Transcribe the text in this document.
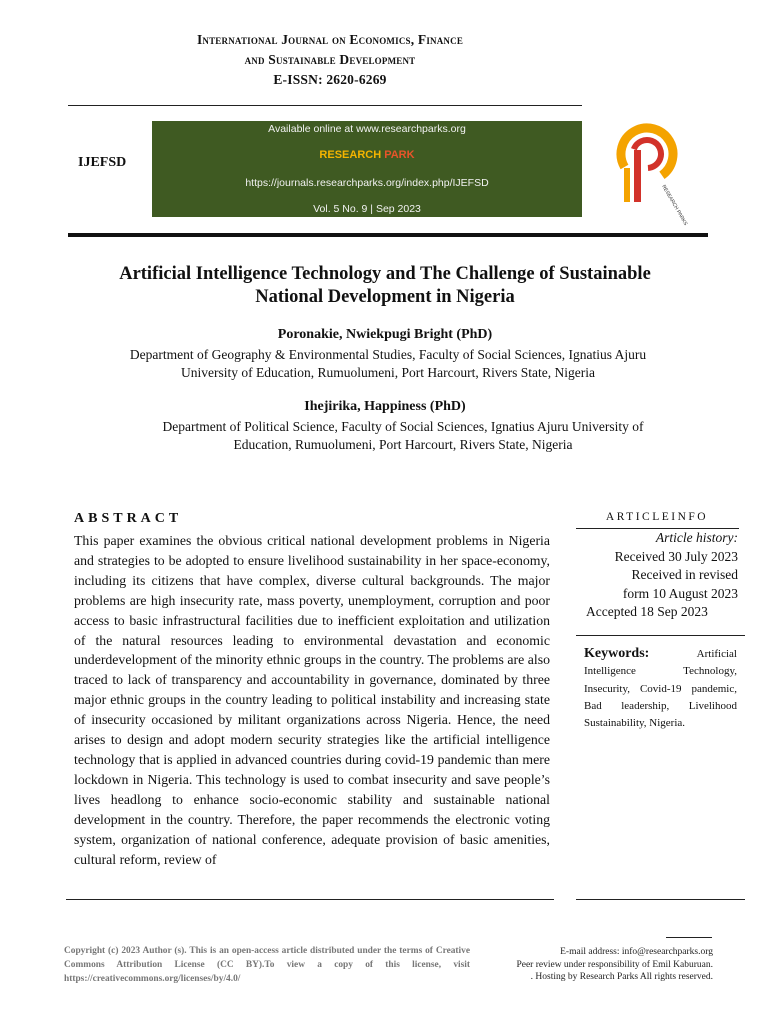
International Journal on Economics, Finance
and Sustainable Development
E-ISSN: 2620-6269
IJEFSD
Available online at www.researchparks.org
RESEARCH PARK
https://journals.researchparks.org/index.php/IJEFSD
Vol. 5 No. 9 | Sep 2023	RESEARCH PARKS
Artificial Intelligence Technology and The Challenge of Sustainable
National Development in Nigeria
Poronakie, Nwiekpugi Bright (PhD)
Department of Geography & Environmental Studies, Faculty of Social Sciences, Ignatius Ajuru
University of Education, Rumuolumeni, Port Harcourt, Rivers State, Nigeria
Ihejirika, Happiness (PhD)
Department of Political Science, Faculty of Social Sciences, Ignatius Ajuru University of
Education, Rumuolumeni, Port Harcourt, Rivers State, Nigeria
ABSTRACT
This paper examines the obvious critical national development problems in Nigeria and strategies to be adopted to ensure livelihood sustainability in her space-economy, including its citizens that have complex, diverse cultural backgrounds. The major problems are high insecurity rate, mass poverty, unemployment, corruption and poor access to basic infrastructural facilities due to inefficient exploitation and utilization of the natural resources leading to environmental devastation and economic underdevelopment of the minority ethnic groups in the country. The problems are also traced to lack of transparency and accountability in governance, dominated by three major ethnic groups in the country leading to political instability and increasing state of insecurity occasioned by militant organizations across Nigeria. Hence, the need arises to design and adopt modern security strategies like the artificial intelligence technology that is applied in advanced countries during covid-19 pandemic than mere lockdown in Nigeria. This technology is used to combat insecurity and save people’s lives headlong to enhance socio-economic stability and sustainable national development in the country. Therefore, the paper recommends the electronic voting system, organization of national conference, adequate provision of basic amenities, cultural reform, review of
ARTICLEINFO
Article history:
Received 30 July 2023
Received in revised
form 10 August 2023
Accepted 18 Sep 2023
Keywords:	Artificial Intelligence Technology, Insecurity, Covid-19 pandemic, Bad leadership, Livelihood Sustainability, Nigeria.
Copyright (c) 2023 Author (s). This is an open-access article distributed under the terms of Creative Commons Attribution License (CC BY).To view a copy of this license, visit https://creativecommons.org/licenses/by/4.0/
E-mail address: info@researchparks.org
Peer review under responsibility of Emil Kaburuan.
. Hosting by Research Parks All rights reserved.
